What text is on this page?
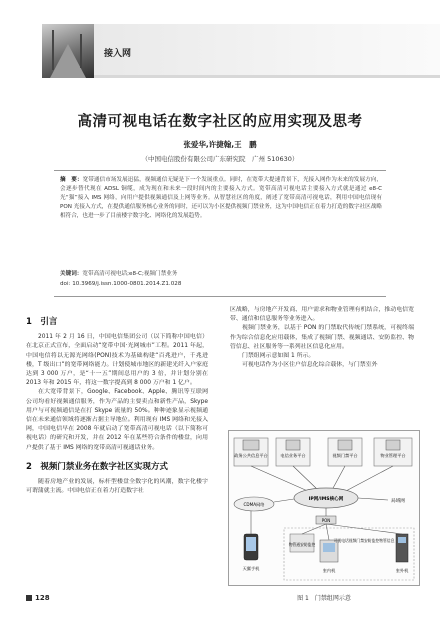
接入网
高清可视电话在数字社区的应用实现及思考
张爱华,许捷翰,王　鹏
（中国电信股份有限公司广东研究院　广州 510630）
摘　要：宽带通信市场发展迅猛，视频通信无疑是下一个发展重点。同时，在宽带大提速背景下，光接入网作为未来的发展方向，会逐步替代现在 ADSL 铜缆，成为现在和未来一段时间内的主要接入方式。宽带高清可视电话主要接入方式就是通过 e8-C 光“猫”接入 IMS 网络，向用户提供视频通信及上网等业务。从智慧社区的角度，阐述了宽带高清可视电话，利用中国电信现有 PON 光接入方式，在提供通信服务核心业务的同时，还可以为小区提供视频门禁业务，这为中国电信正在着力打造的数字社区战略相符合，也进一步了目前楼宇数字化、网络化的发展趋势。
关键词：宽带高清可视电话;e8-C;视频门禁业务
doi: 10.3969/j.issn.1000-0801.2014.Z1.028
1　引言

2011 年 2 月 16 日，中国电信集团公司（以下简称中国电信）在北京正式宣布，全面启动“宽带中国·光网城市”工程。2011 年起，中国电信将以无源光网络(PON)技术为基础构建“百兆进户，千兆进楼，T 级出口”的宽带网络能力。计划使城市地区的新建光纤入户家庭达到 3 000 万户，是“十一五”期间总用户的 3 倍，并计划分别在 2013 年和 2015 年，将这一数字提高到 8 000 万户和 1 亿户。

在大宽带背景下，Google、Facebook、Apple、腾讯等互联网公司均看好视频通信服务，作为产品的主要卖点和新性产品，Skype 用户与可视频通信是在打 Skype 流量的 50%。种种迹象显示视频通信在未来通信领域将逐渐占据主导地位。利用现有 IMS 网络和光接入网，中国电信早在 2008 年就启动了宽带高清可视电话（以下简称可视电话）的研究和开发，并在 2012 年在某些符合条件的楼盘，向用户提供了基于 IMS 网络的宽带高清可视通话业务。

2　视频门禁业务在数字社区实现方式

随着房地产业的发展，标杆型楼盘全数字化的风潮，数字化楼宇可谓蒲就主流。中国电信正在着力打造数字社

区战略，与房地产开发商、用户需求和物业管理有机结合，推动电信宽带、通信和信息服务等业务进入。

视频门禁业务，以基于 PON 的门禁取代传统门禁系统，可视终端作为综合信息化应用载体，集成了视频门禁、视频通话、安防监控、物管信息、社区服务等一系列社区信息化应用。

门禁组网示意如图 1 所示。

可视电话作为小区住户信息化综合载体，与门禁室外

政务公共信息平台	电信业务平台	视频门禁平台	物业管理平台
IP网/IMS核心网
CDMA网络
局域网
PON
天翼手机
物管通安防监控
室内机
可视电话视频门禁安防监控物管信息
室外机
图 1　门禁组网示意
128
